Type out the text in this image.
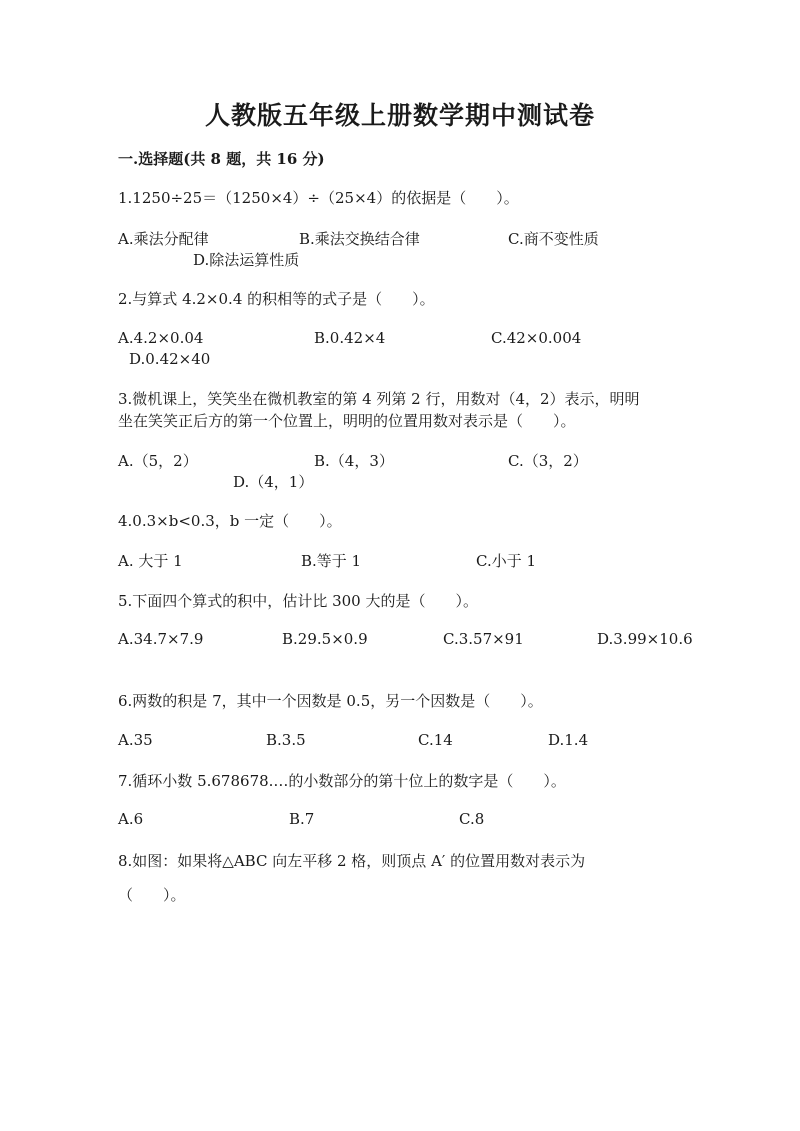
人教版五年级上册数学期中测试卷
一.选择题(共 8 题，共 16 分)
1.1250÷25＝（1250×4）÷（25×4）的依据是（　　）。
A.乘法分配律	B.乘法交换结合律	C.商不变性质
D.除法运算性质
2.与算式 4.2×0.4 的积相等的式子是（　　）。
A.4.2×0.04	B.0.42×4	C.42×0.004
D.0.42×40
3.微机课上，笑笑坐在微机教室的第 4 列第 2 行，用数对（4，2）表示，明明
坐在笑笑正后方的第一个位置上，明明的位置用数对表示是（　　）。
A.（5，2）	B.（4，3）	C.（3，2）
D.（4，1）
4.0.3×b<0.3，b 一定（　　）。
A. 大于 1	B.等于 1	C.小于 1
5.下面四个算式的积中，估计比 300 大的是（　　）。
A.34.7×7.9	B.29.5×0.9	C.3.57×91	D.3.99×10.6
6.两数的积是 7，其中一个因数是 0.5，另一个因数是（　　）。
A.35	B.3.5	C.14	D.1.4
7.循环小数 5.678678.…的小数部分的第十位上的数字是（　　）。
A.6	B.7	C.8
8.如图：如果将△ABC 向左平移 2 格，则顶点 A′ 的位置用数对表示为
（　　）。
